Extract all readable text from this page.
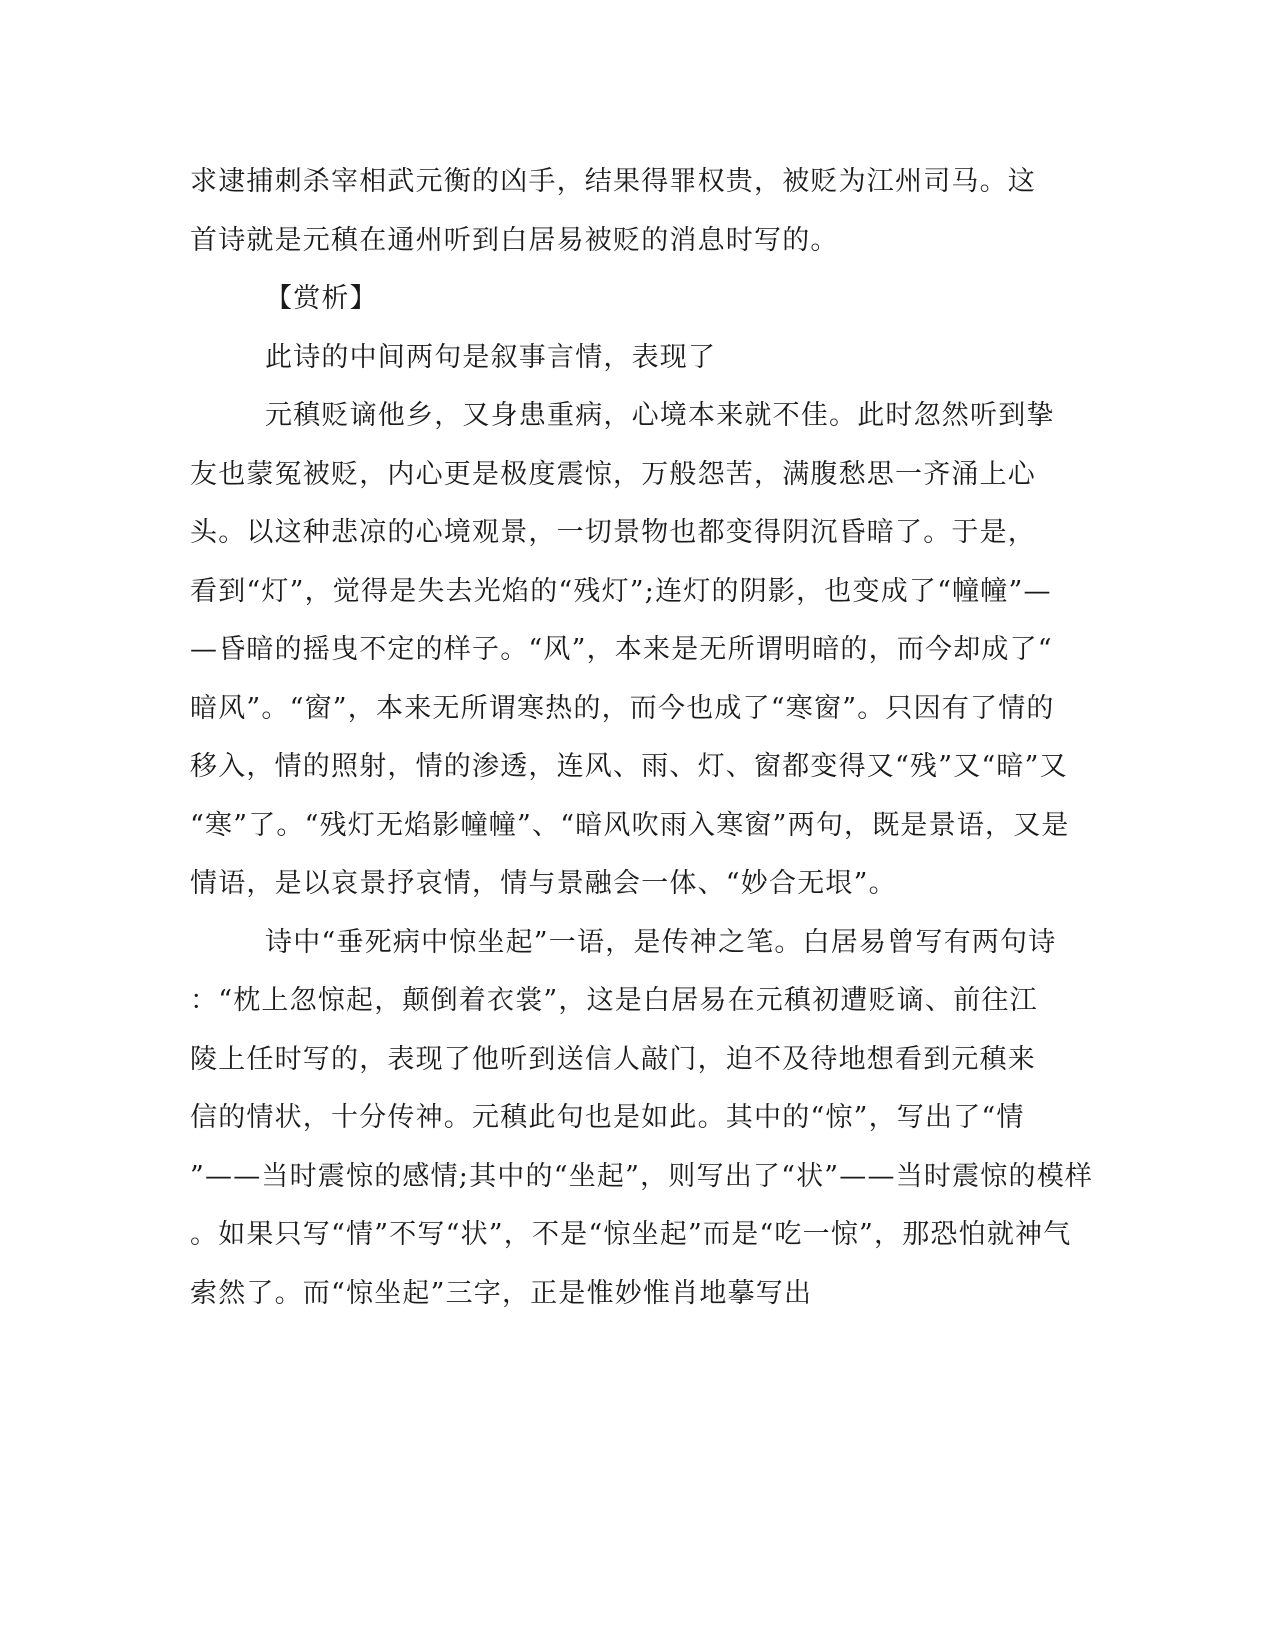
求逮捕刺杀宰相武元衡的凶手，结果得罪权贵，被贬为江州司马。这
首诗就是元稹在通州听到白居易被贬的消息时写的。
【赏析】
此诗的中间两句是叙事言情，表现了
元稹贬谪他乡，又身患重病，心境本来就不佳。此时忽然听到挚
友也蒙冤被贬，内心更是极度震惊，万般怨苦，满腹愁思一齐涌上心
头。以这种悲凉的心境观景，一切景物也都变得阴沉昏暗了。于是，
看到“灯”，觉得是失去光焰的“残灯”;连灯的阴影，也变成了“幢幢”—
—昏暗的摇曳不定的样子。“风”，本来是无所谓明暗的，而今却成了“
暗风”。“窗”，本来无所谓寒热的，而今也成了“寒窗”。只因有了情的
移入，情的照射，情的渗透，连风、雨、灯、窗都变得又“残”又“暗”又
“寒”了。“残灯无焰影幢幢”、“暗风吹雨入寒窗”两句，既是景语，又是
情语，是以哀景抒哀情，情与景融会一体、“妙合无垠”。
诗中“垂死病中惊坐起”一语，是传神之笔。白居易曾写有两句诗
：“枕上忽惊起，颠倒着衣裳”，这是白居易在元稹初遭贬谪、前往江
陵上任时写的，表现了他听到送信人敲门，迫不及待地想看到元稹来
信的情状，十分传神。元稹此句也是如此。其中的“惊”，写出了“情
”——当时震惊的感情;其中的“坐起”，则写出了“状”——当时震惊的模样
。如果只写“情”不写“状”，不是“惊坐起”而是“吃一惊”，那恐怕就神气
索然了。而“惊坐起”三字，正是惟妙惟肖地摹写出
